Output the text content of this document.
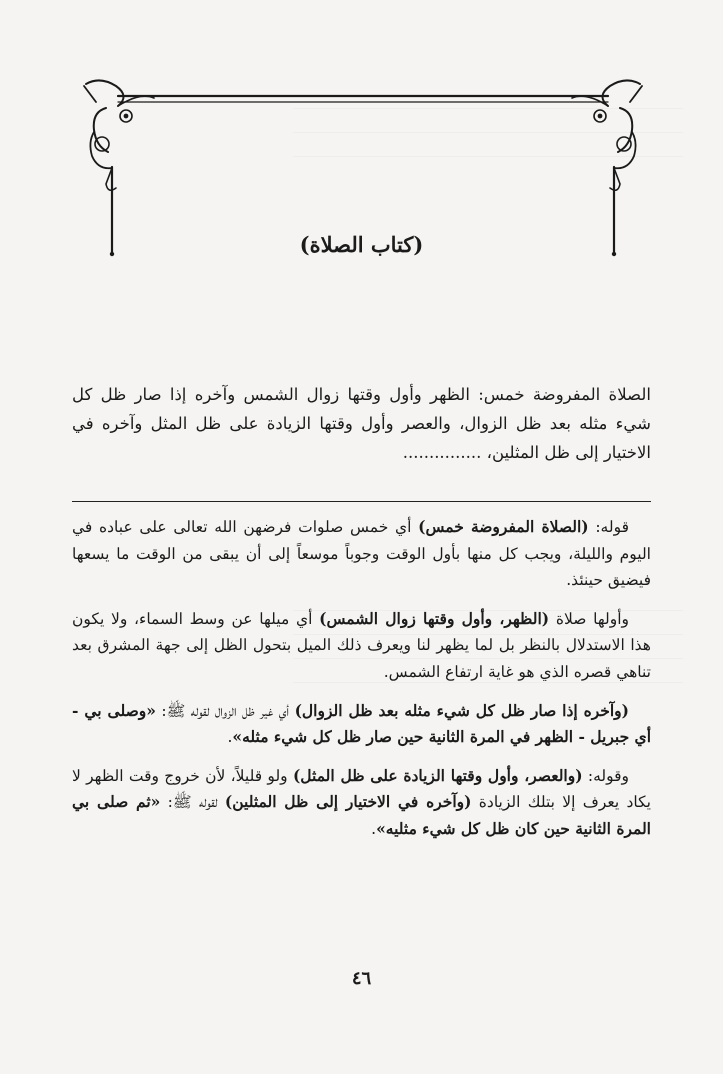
(كتاب الصلاة)
الصلاة المفروضة خمس: الظهر وأول وقتها زوال الشمس وآخره إذا صار ظل كل شيء مثله بعد ظل الزوال، والعصر وأول وقتها الزيادة على ظل المثل وآخره في الاختيار إلى ظل المثلين، ...............

قوله: (الصلاة المفروضة خمس) أي خمس صلوات فرضهن الله تعالى على عباده في اليوم والليلة، ويجب كل منها بأول الوقت وجوباً موسعاً إلى أن يبقى من الوقت ما يسعها فيضيق حينئذ.

وأولها صلاة (الظهر، وأول وقتها زوال الشمس) أي ميلها عن وسط السماء، ولا يكون هذا الاستدلال بالنظر بل لما يظهر لنا ويعرف ذلك الميل بتحول الظل إلى جهة المشرق بعد تناهي قصره الذي هو غاية ارتفاع الشمس.

(وآخره إذا صار ظل كل شيء مثله بعد ظل الزوال) أي غير ظل الزوال لقوله ﷺ: «وصلى بي - أي جبريل - الظهر في المرة الثانية حين صار ظل كل شيء مثله».

وقوله: (والعصر، وأول وقتها الزيادة على ظل المثل) ولو قليلاً، لأن خروج وقت الظهر لا يكاد يعرف إلا بتلك الزيادة (وآخره في الاختيار إلى ظل المثلين) لقوله ﷺ: «ثم صلى بي المرة الثانية حين كان ظل كل شيء مثليه».

٤٦
